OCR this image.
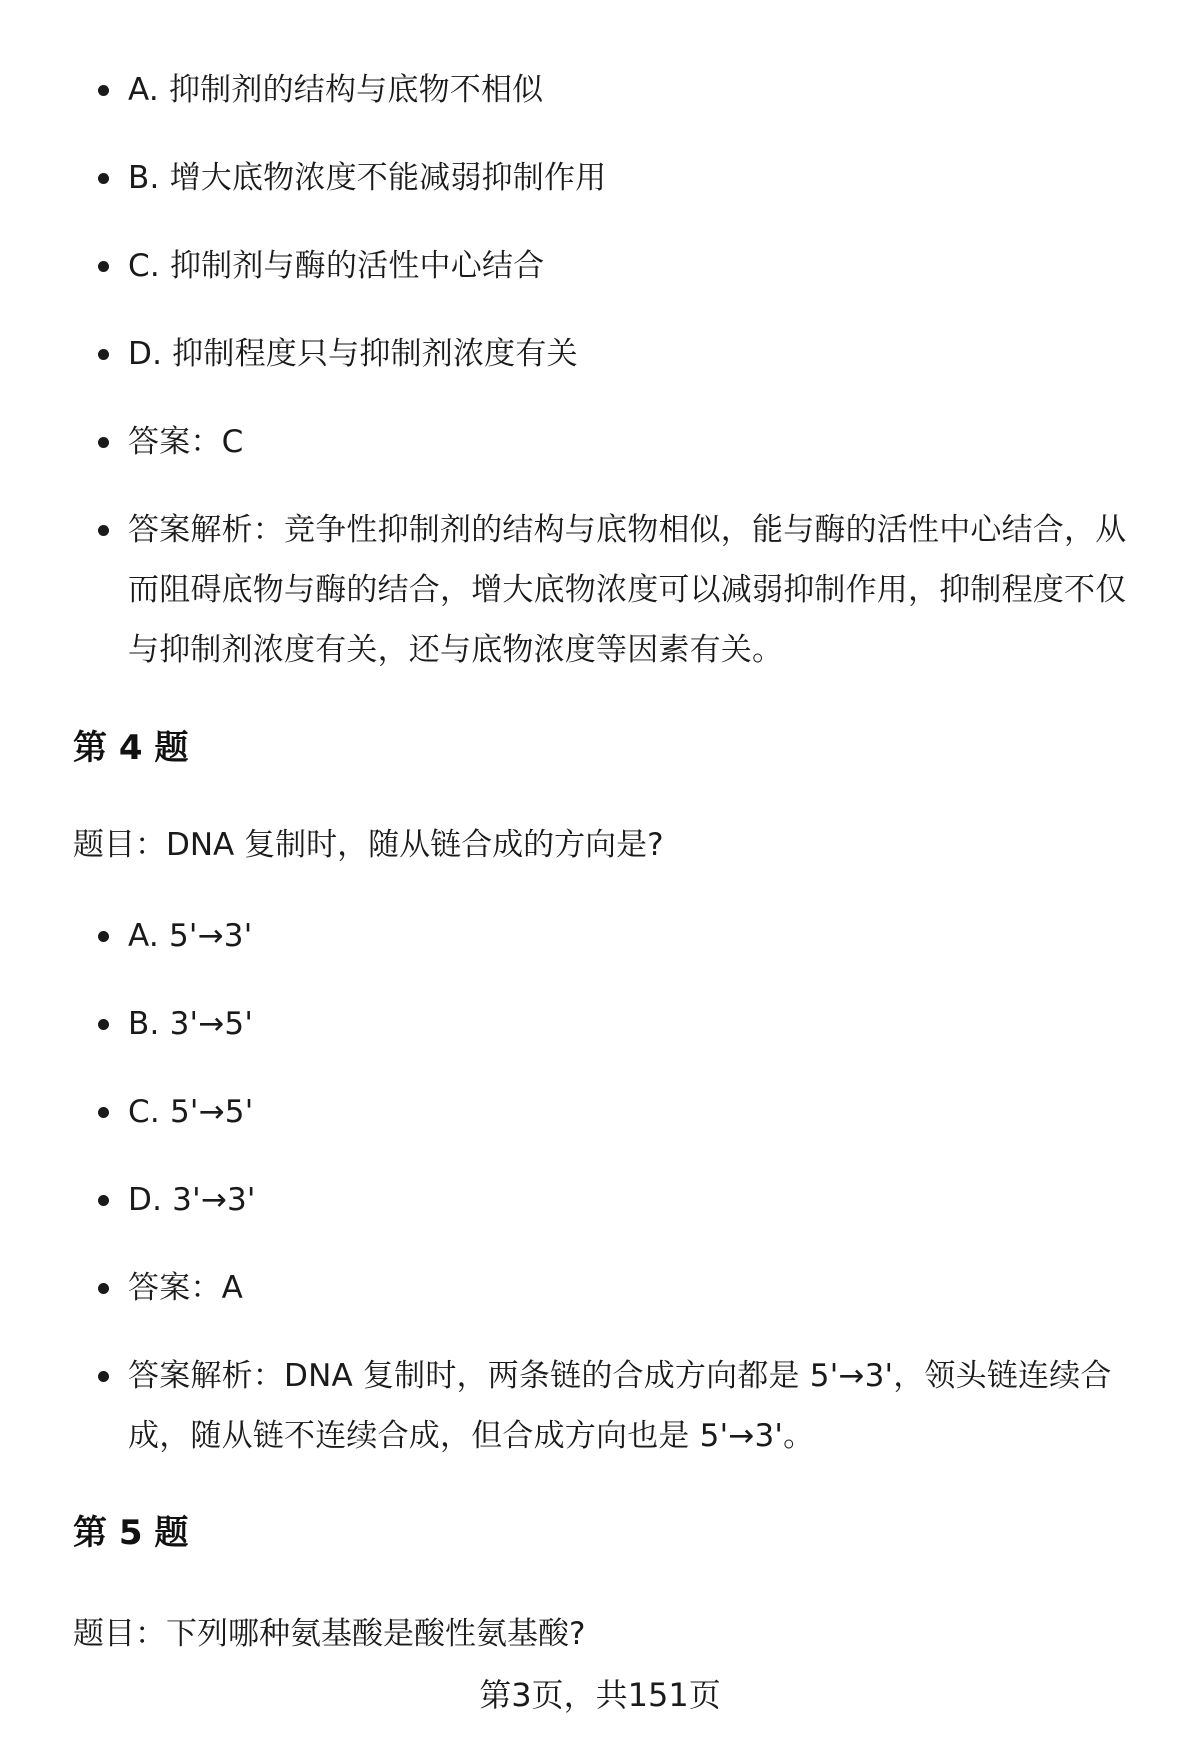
A. 抑制剂的结构与底物不相似
B. 增大底物浓度不能减弱抑制作用
C. 抑制剂与酶的活性中心结合
D. 抑制程度只与抑制剂浓度有关
答案：C
答案解析：竞争性抑制剂的结构与底物相似，能与酶的活性中心结合，从而阻碍底物与酶的结合，增大底物浓度可以减弱抑制作用，抑制程度不仅与抑制剂浓度有关，还与底物浓度等因素有关。
第 4 题
题目：DNA 复制时，随从链合成的方向是?
A. 5'→3'
B. 3'→5'
C. 5'→5'
D. 3'→3'
答案：A
答案解析：DNA 复制时，两条链的合成方向都是 5'→3'，领头链连续合成，随从链不连续合成，但合成方向也是 5'→3'。
第 5 题
题目：下列哪种氨基酸是酸性氨基酸?
第3页，共151页
